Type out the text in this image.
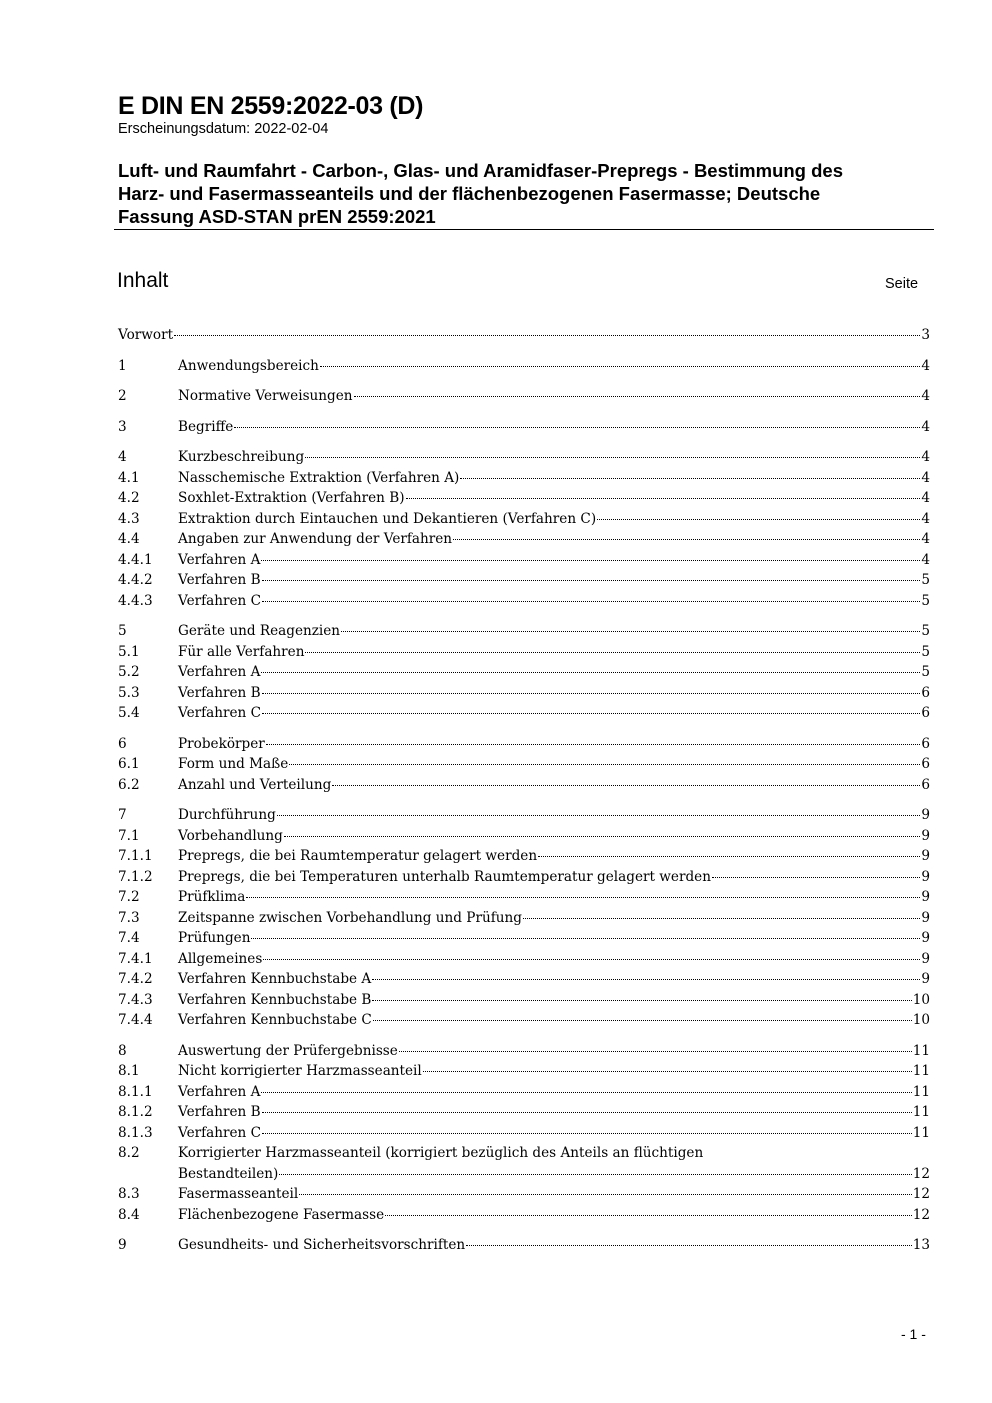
E DIN EN 2559:2022-03 (D)
Erscheinungsdatum: 2022-02-04
Luft- und Raumfahrt - Carbon-, Glas- und Aramidfaser-Prepregs - Bestimmung des
Harz- und Fasermasseanteils und der flächenbezogenen Fasermasse; Deutsche
Fassung ASD-STAN prEN 2559:2021
Inhalt	Seite
Vorwort	3
1	Anwendungsbereich	4
2	Normative Verweisungen	4
3	Begriffe	4
4	Kurzbeschreibung	4
4.1	Nasschemische Extraktion (Verfahren A)	4
4.2	Soxhlet-Extraktion (Verfahren B)	4
4.3	Extraktion durch Eintauchen und Dekantieren (Verfahren C)	4
4.4	Angaben zur Anwendung der Verfahren	4
4.4.1 Verfahren A	4
4.4.2 Verfahren B	5
4.4.3 Verfahren C	5
5	Geräte und Reagenzien	5
5.1	Für alle Verfahren	5
5.2	Verfahren A	5
5.3	Verfahren B	6
5.4	Verfahren C	6
6	Probekörper	6
6.1	Form und Maße	6
6.2	Anzahl und Verteilung	6
7	Durchführung	9
7.1	Vorbehandlung	9
7.1.1 Prepregs, die bei Raumtemperatur gelagert werden	9
7.1.2 Prepregs, die bei Temperaturen unterhalb Raumtemperatur gelagert werden	9
7.2	Prüfklima	9
7.3	Zeitspanne zwischen Vorbehandlung und Prüfung	9
7.4	Prüfungen	9
7.4.1 Allgemeines	9
7.4.2 Verfahren Kennbuchstabe A	9
7.4.3 Verfahren Kennbuchstabe B	10
7.4.4 Verfahren Kennbuchstabe C	10
8	Auswertung der Prüfergebnisse	11
8.1	Nicht korrigierter Harzmasseanteil	11
8.1.1 Verfahren A	11
8.1.2 Verfahren B	11
8.1.3 Verfahren C	11
8.2	Korrigierter Harzmasseanteil (korrigiert bezüglich des Anteils an flüchtigen
Bestandteilen)	12
8.3	Fasermasseanteil	12
8.4	Flächenbezogene Fasermasse	12
9	Gesundheits- und Sicherheitsvorschriften	13
- 1 -
